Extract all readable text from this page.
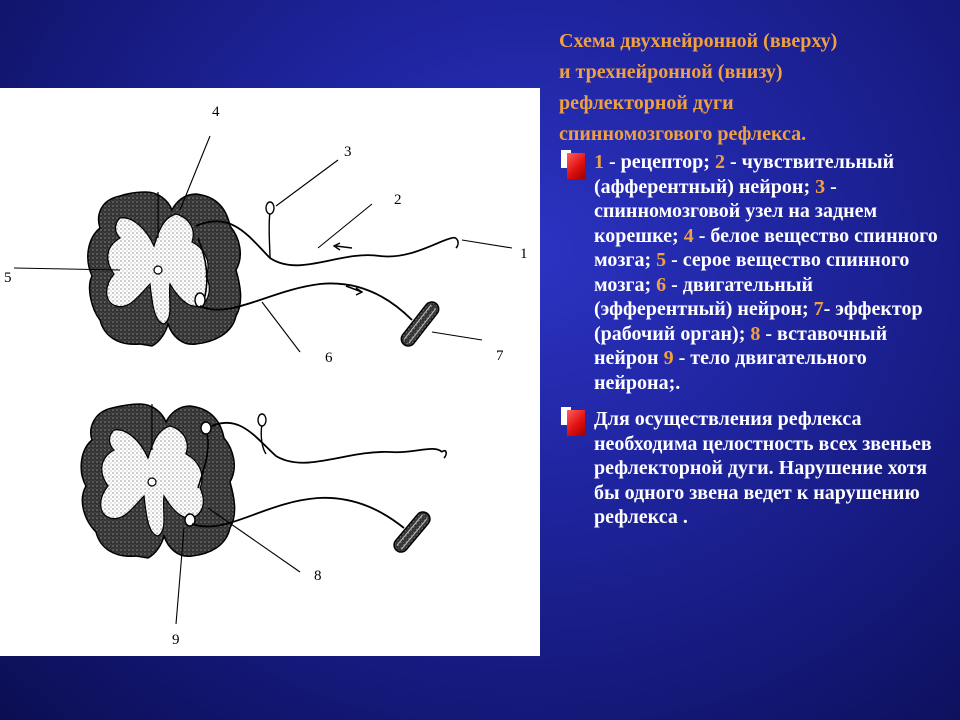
4
3
2
1
5
6	7
8
9
Схема двухнейронной (вверху)
и трехнейронной (внизу)
рефлекторной дуги
спинномозгового рефлекса.
1 - рецептор; 2 - чувствительный (афферентный) нейрон; 3 - спинномозговой узел на заднем корешке; 4 - белое вещество спинного мозга; 5 - серое вещество спинного мозга; 6 - двигательный (эфферентный) нейрон; 7- эффектор (рабочий орган); 8 - вставочный нейрон 9 - тело двигательного нейрона;.
Для осуществления рефлекса необходима целостность всех звеньев рефлекторной дуги. Нарушение хотя бы одного звена ведет к нарушению рефлекса .
